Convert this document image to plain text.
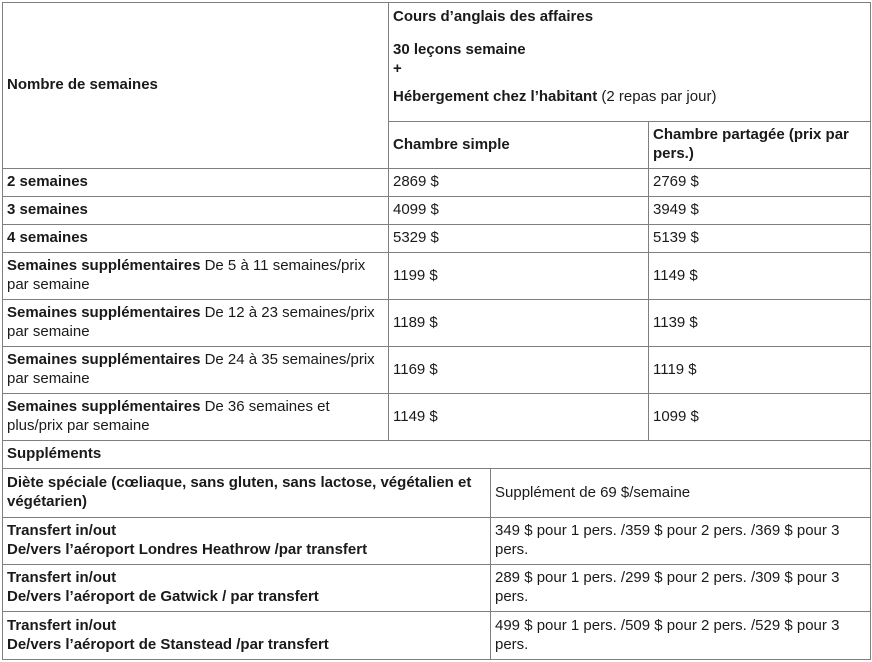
Nombre de semaines	Cours d’anglais des affaires

30 leçons semaine

+

Hébergement chez l’habitant (2 repas par jour)	

	Chambre simple	Chambre partagée (prix par pers.)
2 semaines	2869 $	2769 $
3 semaines	4099 $	3949 $
4 semaines	5329 $	5139 $
Semaines supplémentaires De 5 à 11 semaines/prix par semaine	1199 $	1149 $
Semaines supplémentaires De 12 à 23 semaines/prix par semaine	1189 $	1139 $
Semaines supplémentaires De 24 à 35 semaines/prix par semaine	1169 $	1119 $
Semaines supplémentaires De 36 semaines et plus/prix par semaine	1149 $	1099 $
Suppléments	

Diète spéciale (cœliaque, sans gluten, sans lactose, végétalien et végétarien)	Supplément de 69 $/semaine

Transfert in/out
De/vers l’aéroport Londres Heathrow /par transfert	349 $ pour 1 pers. /359 $ pour 2 pers. /369 $ pour 3 pers.

Transfert in/out
De/vers l’aéroport de Gatwick / par transfert	289 $ pour 1 pers. /299 $ pour 2 pers. /309 $ pour 3 pers.

Transfert in/out
De/vers l’aéroport de Stanstead /par transfert	499 $ pour 1 pers. /509 $ pour 2 pers. /529 $ pour 3 pers.
